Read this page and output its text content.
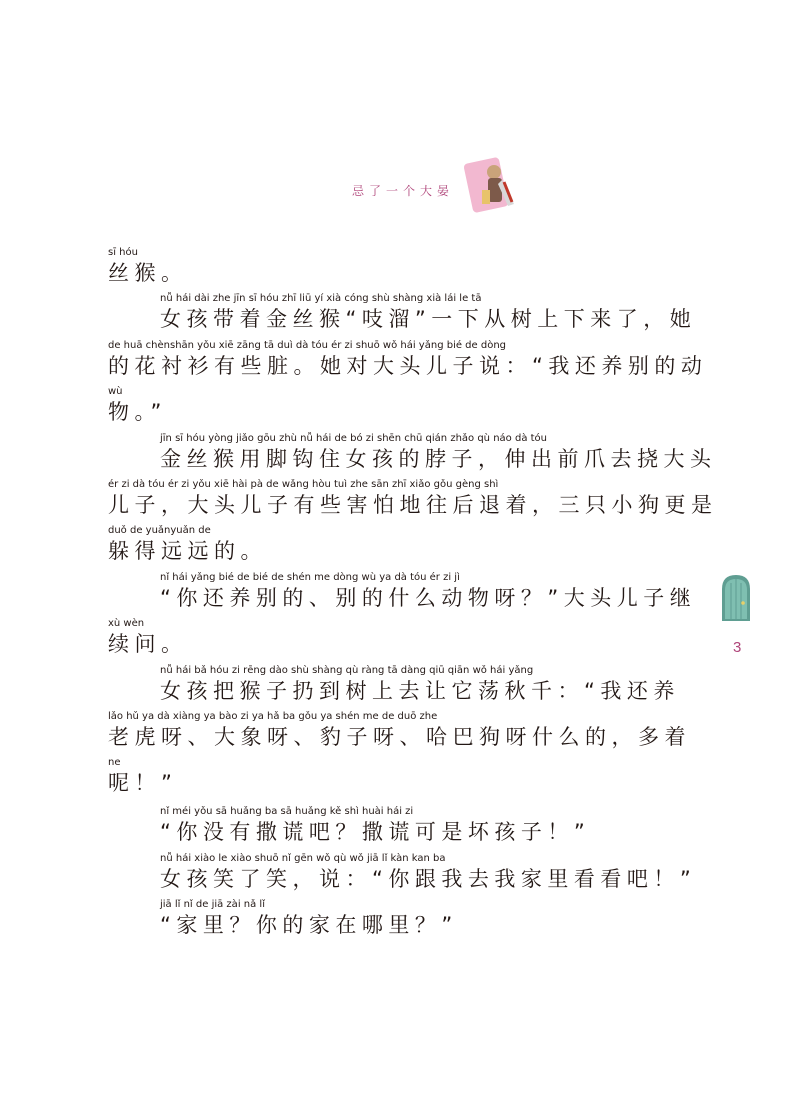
忌了一个大晏
sī hóu
丝猴。
nǚ hái dài zhe jīn sī hóu zhī liū yí xià cóng shù shàng xià lái le tā
女孩带着金丝猴“吱溜”一下从树上下来了，她
de huā chènshān yǒu xiē zāng tā duì dà tóu ér zi shuō wǒ hái yǎng bié de dòng
的花衬衫有些脏。她对大头儿子说：“我还养别的动
wù
物。”
jīn sī hóu yòng jiǎo gōu zhù nǚ hái de bó zi shēn chū qián zhǎo qù náo dà tóu
金丝猴用脚钩住女孩的脖子，伸出前爪去挠大头
ér zi dà tóu ér zi yǒu xiē hài pà de wǎng hòu tuì zhe sān zhī xiǎo gǒu gèng shì
儿子，大头儿子有些害怕地往后退着，三只小狗更是
duǒ de yuǎnyuǎn de
躲得远远的。
nǐ hái yǎng bié de bié de shén me dòng wù ya dà tóu ér zi jì
“你还养别的、别的什么动物呀？”大头儿子继
xù wèn
续问。
nǚ hái bǎ hóu zi rēng dào shù shàng qù ràng tā dàng qiū qiān wǒ hái yǎng
女孩把猴子扔到树上去让它荡秋千：“我还养
lǎo hǔ ya dà xiàng ya bào zi ya hǎ ba gǒu ya shén me de duō zhe
老虎呀、大象呀、豹子呀、哈巴狗呀什么的，多着
ne
呢！”
nǐ méi yǒu sā huǎng ba sā huǎng kě shì huài hái zi
“你没有撒谎吧？撒谎可是坏孩子！”
nǚ hái xiào le xiào shuō nǐ gēn wǒ qù wǒ jiā lǐ kàn kan ba
女孩笑了笑，说：“你跟我去我家里看看吧！”
jiā lǐ nǐ de jiā zài nǎ lǐ
“家里？你的家在哪里？”
3
